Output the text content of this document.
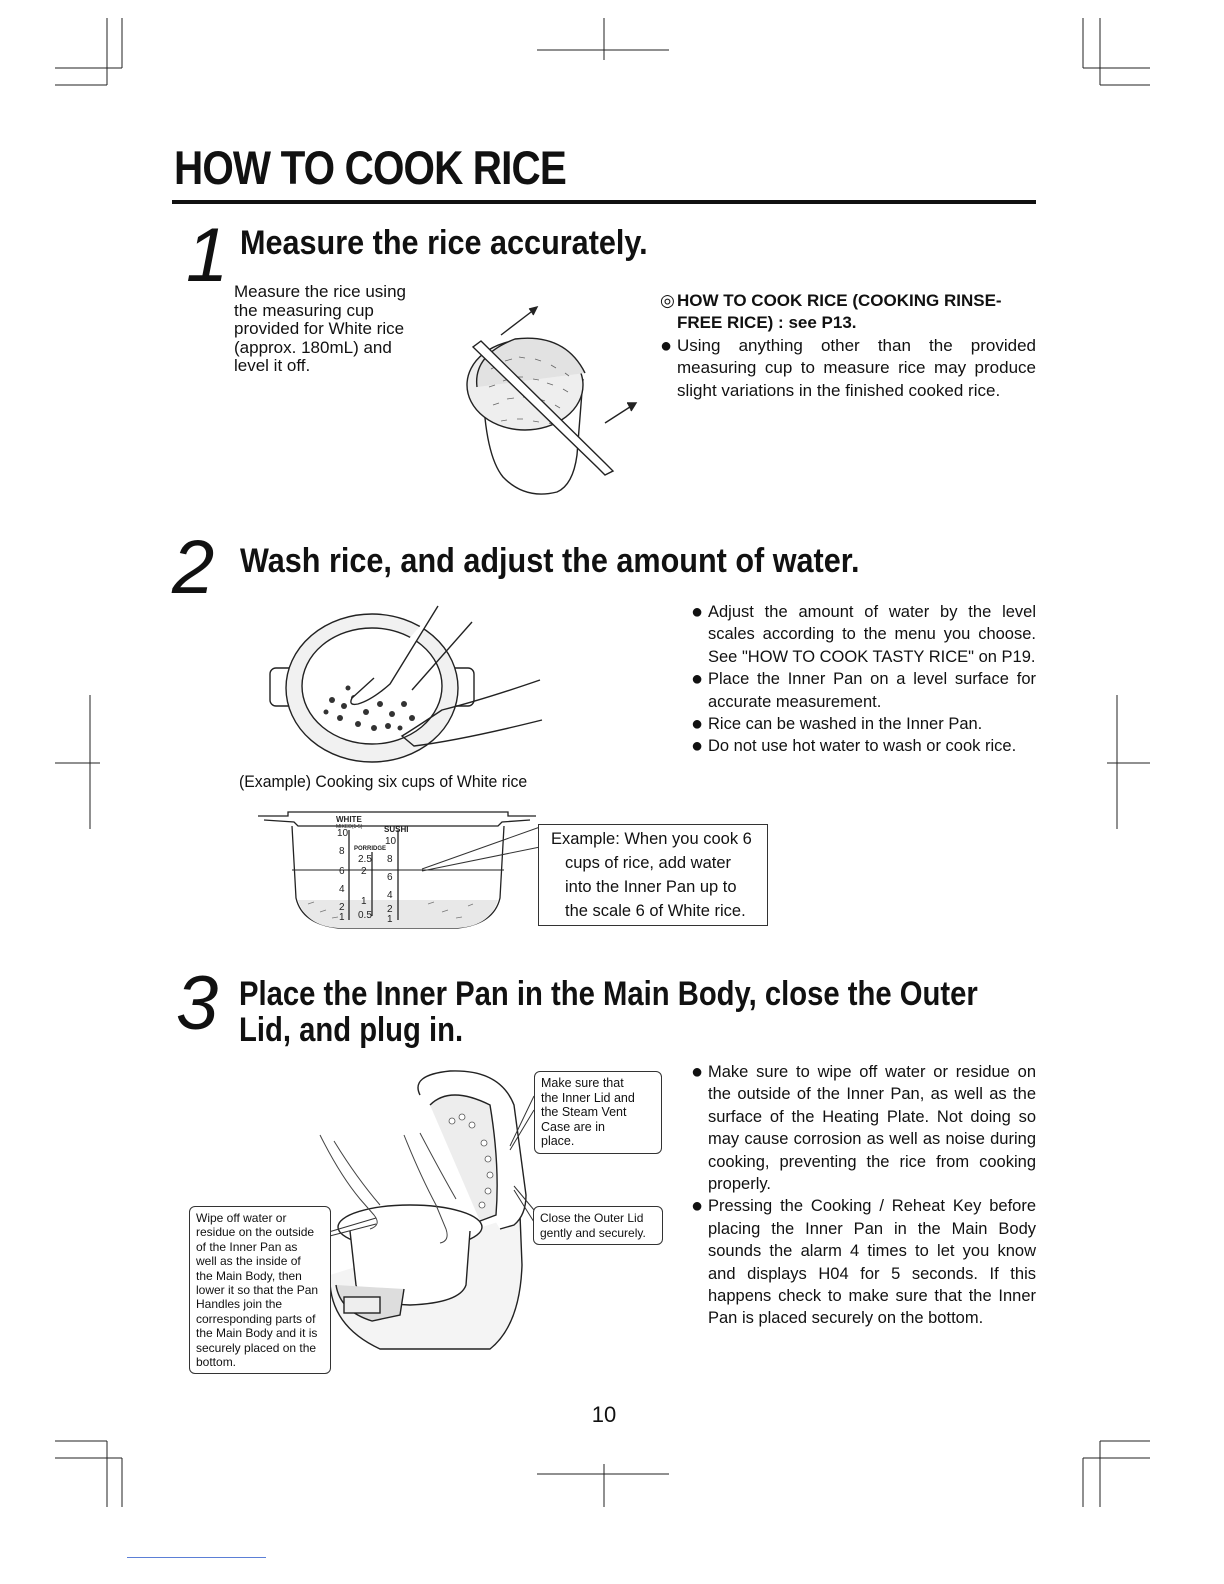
HOW TO COOK RICE
1 Measure the rice accurately.
Measure the rice using
the measuring cup
provided for White rice
(approx. 180mL) and
level it off.
◎ HOW TO COOK RICE (COOKING RINSE-
FREE RICE) : see P13.
● Using anything other than the provided measuring cup to measure rice may produce slight variations in the finished cooked rice.
2 Wash rice, and adjust the amount of water.
(Example) Cooking six cups of White rice
WHITE
MIXED(1-5)	SUSHI
PORRIDGE
10
8
6
4
2
1
2.5
2
1
0.5
10
8
6
4
2
1

Example: When you cook 6

cups of rice, add water

into the Inner Pan up to

the scale 6 of White rice.

● Adjust the amount of water by the level scales according to the menu you choose. See "HOW TO COOK TASTY RICE" on P19.
● Place the Inner Pan on a level surface for accurate measurement.
● Rice can be washed in the Inner Pan.
● Do not use hot water to wash or cook rice.
3 Place the Inner Pan in the Main Body, close the Outer
Lid, and plug in.
Make sure that
the Inner Lid and
the Steam Vent
Case are in
place.
Close the Outer Lid
gently and securely.
Wipe off water or
residue on the outside
of the Inner Pan as
well as the inside of
the Main Body, then
lower it so that the Pan
Handles join the
corresponding parts of
the Main Body and it is
securely placed on the
bottom.
● Make sure to wipe off water or residue on the outside of the Inner Pan, as well as the surface of the Heating Plate. Not doing so may cause corrosion as well as noise during cooking, preventing the rice from cooking properly.
● Pressing the Cooking / Reheat Key before placing the Inner Pan in the Main Body sounds the alarm 4 times to let you know and displays H04 for 5 seconds. If this happens check to make sure that the Inner Pan is placed securely on the bottom.
10
